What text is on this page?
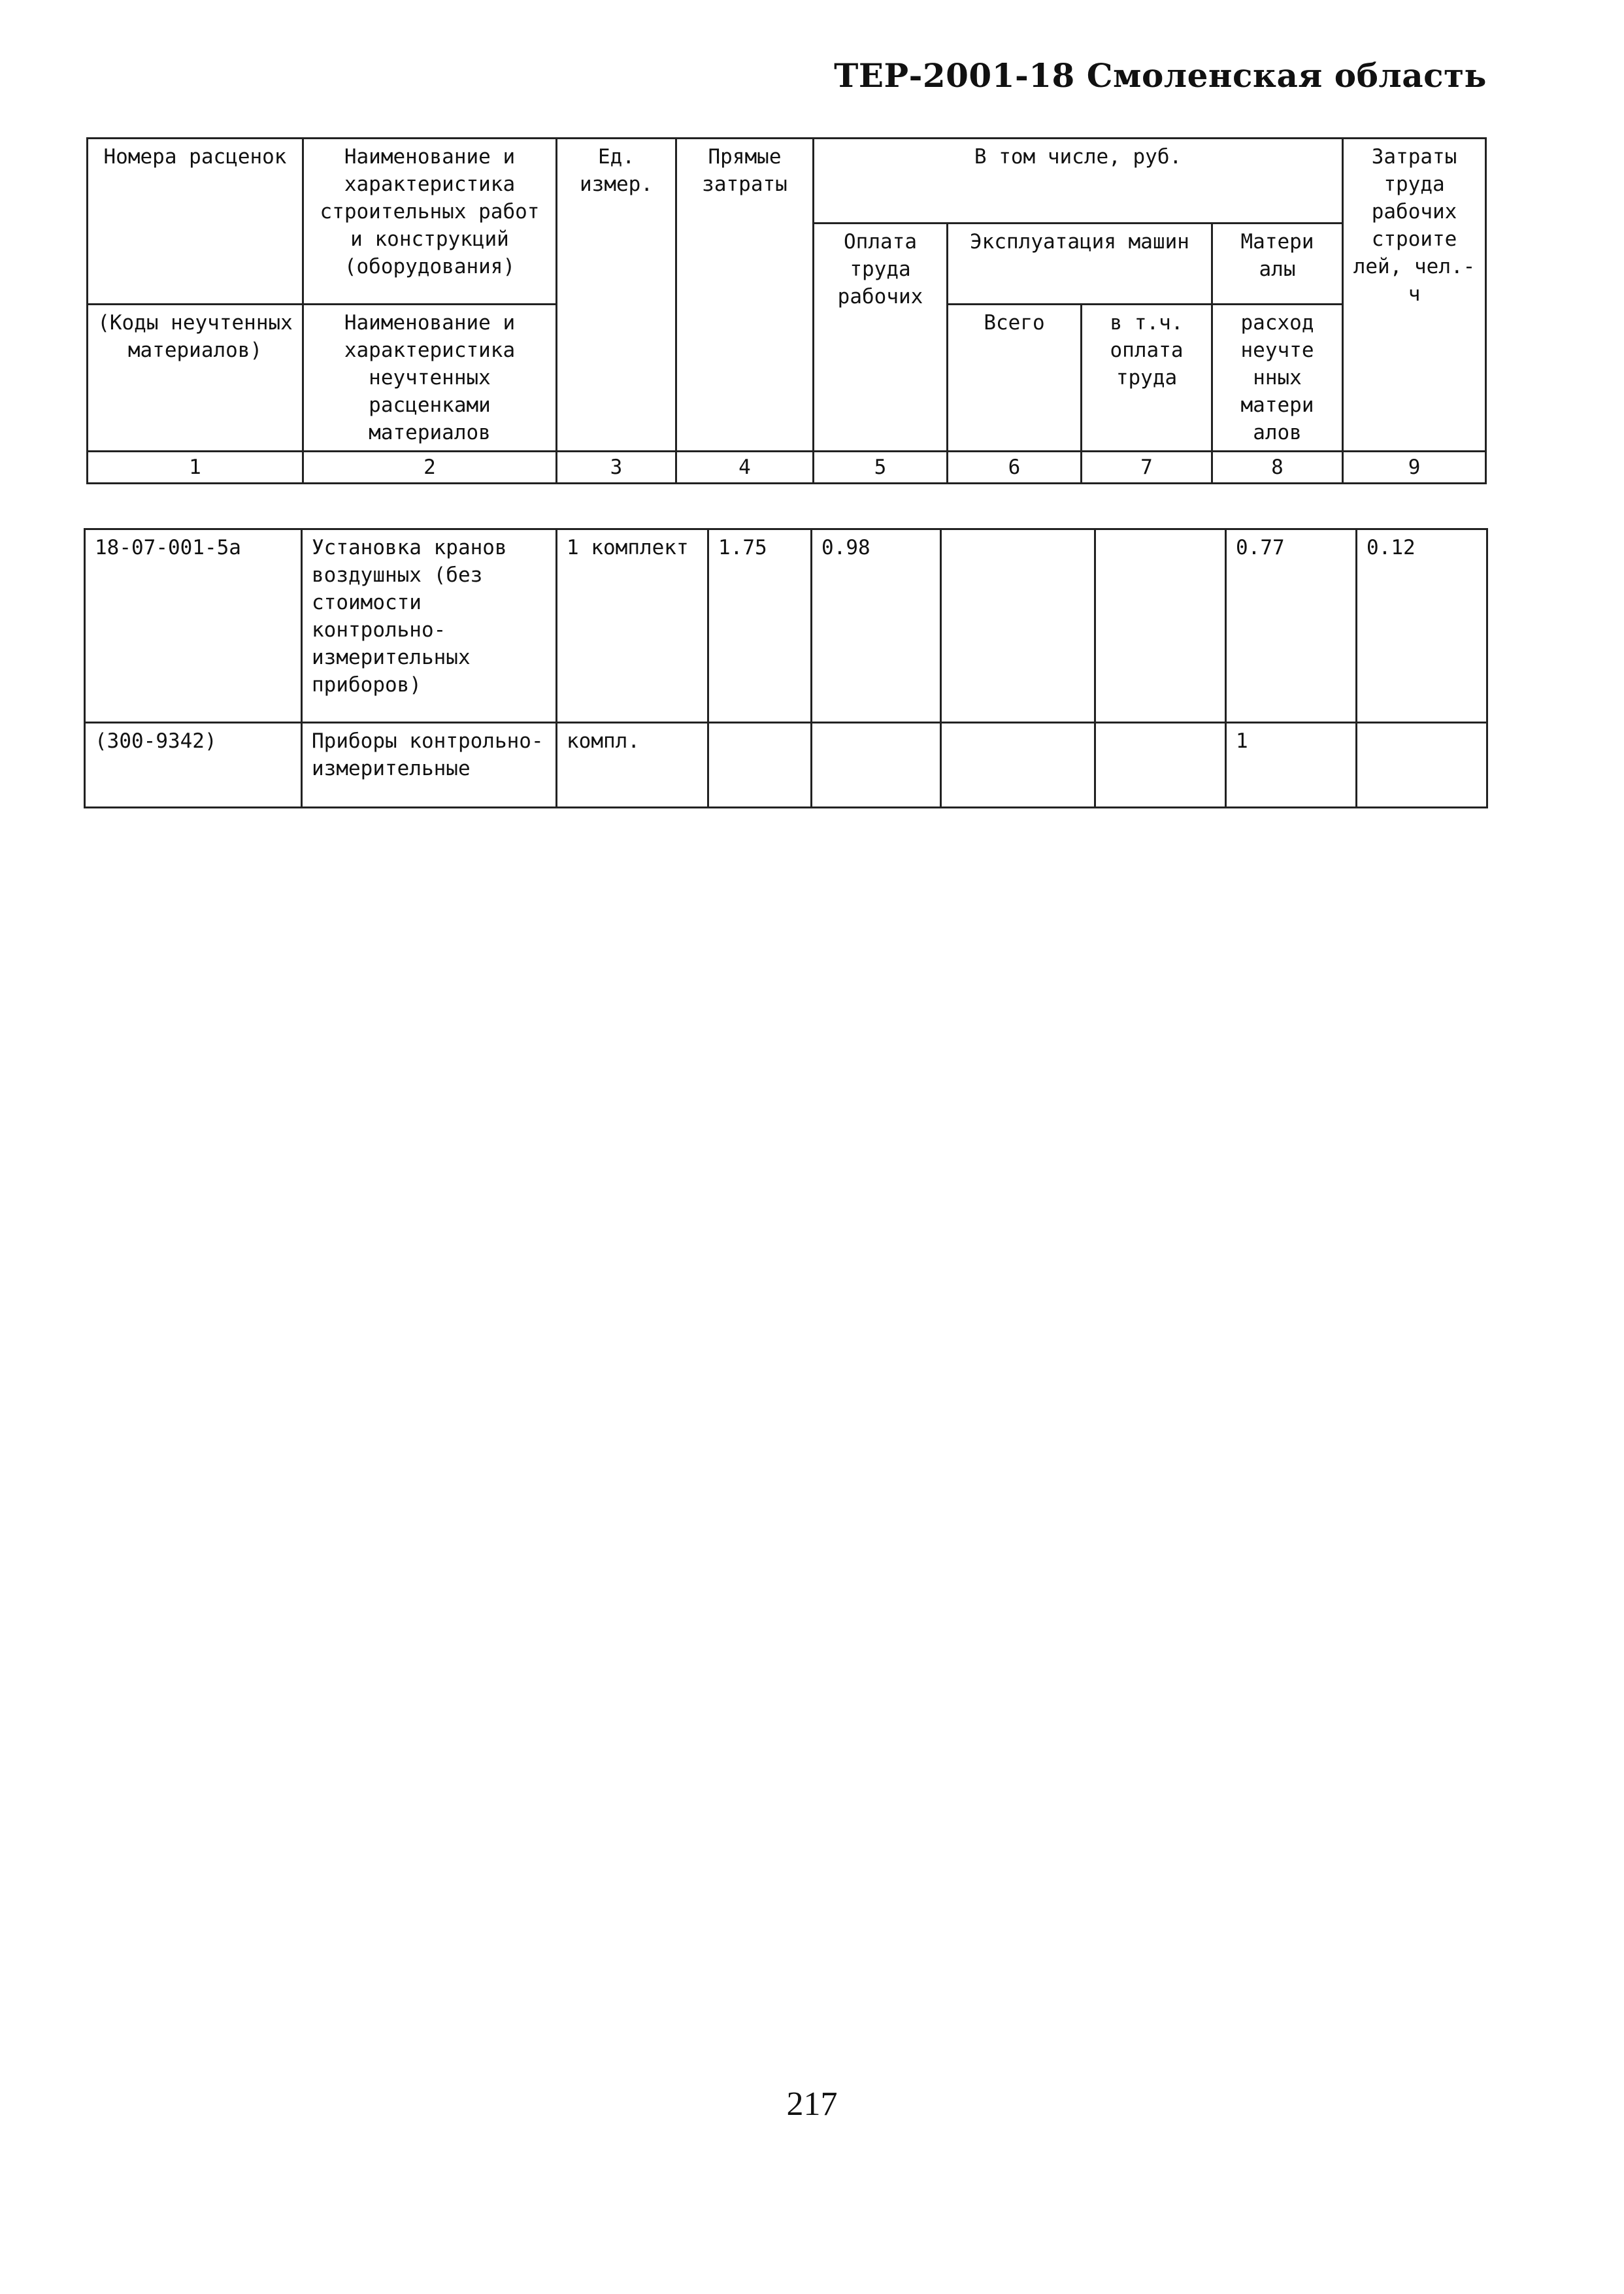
ТЕР-2001-18 Смоленская область
Номера расценок	Наименование и характеристика строительных работ и конструкций (оборудования)	Ед. измер.	Прямые затраты	В том числе, руб.				Затраты труда рабочих строите лей, чел.-ч
				Оплата труда рабочих	Эксплуатация машин		Матери алы	
(Коды неучтенных материалов)	Наименование и характеристика неучтенных расценками материалов				Всего	в т.ч. оплата труда	расход неучте нных матери алов	

1	2	3	4	5	6	7	8	9
18-07-001-5а	Установка кранов воздушных (без стоимости контрольно-измерительных приборов)	1 комплект	1.75	0.98			0.77	0.12
(300-9342)	Приборы контрольно-измерительные	компл.					1	
217
